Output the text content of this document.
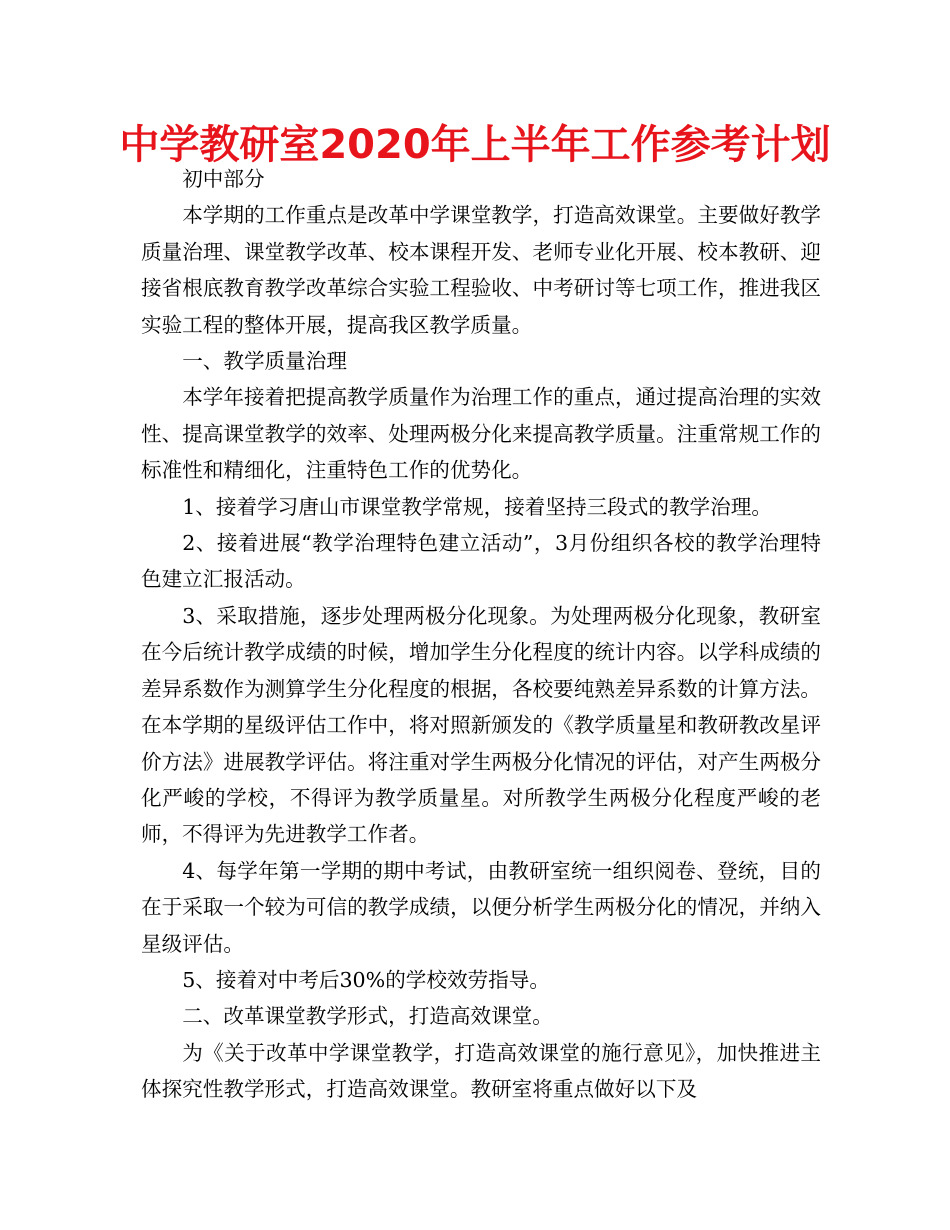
中学教研室2020年上半年工作参考计划

初中部分

本学期的工作重点是改革中学课堂教学，打造高效课堂。主要做好教学质量治理、课堂教学改革、校本课程开发、老师专业化开展、校本教研、迎接省根底教育教学改革综合实验工程验收、中考研讨等七项工作，推进我区实验工程的整体开展，提高我区教学质量。

一、教学质量治理

本学年接着把提高教学质量作为治理工作的重点，通过提高治理的实效性、提高课堂教学的效率、处理两极分化来提高教学质量。注重常规工作的标准性和精细化，注重特色工作的优势化。

1、接着学习唐山市课堂教学常规，接着坚持三段式的教学治理。

2、接着进展“教学治理特色建立活动”，3月份组织各校的教学治理特色建立汇报活动。

3、采取措施，逐步处理两极分化现象。为处理两极分化现象，教研室在今后统计教学成绩的时候，增加学生分化程度的统计内容。以学科成绩的差异系数作为测算学生分化程度的根据，各校要纯熟差异系数的计算方法。在本学期的星级评估工作中，将对照新颁发的《教学质量星和教研教改星评价方法》进展教学评估。将注重对学生两极分化情况的评估，对产生两极分化严峻的学校，不得评为教学质量星。对所教学生两极分化程度严峻的老师，不得评为先进教学工作者。

4、每学年第一学期的期中考试，由教研室统一组织阅卷、登统，目的在于采取一个较为可信的教学成绩，以便分析学生两极分化的情况，并纳入星级评估。

5、接着对中考后30%的学校效劳指导。

二、改革课堂教学形式，打造高效课堂。

为《关于改革中学课堂教学，打造高效课堂的施行意见》，加快推进主体探究性教学形式，打造高效课堂。教研室将重点做好以下及
